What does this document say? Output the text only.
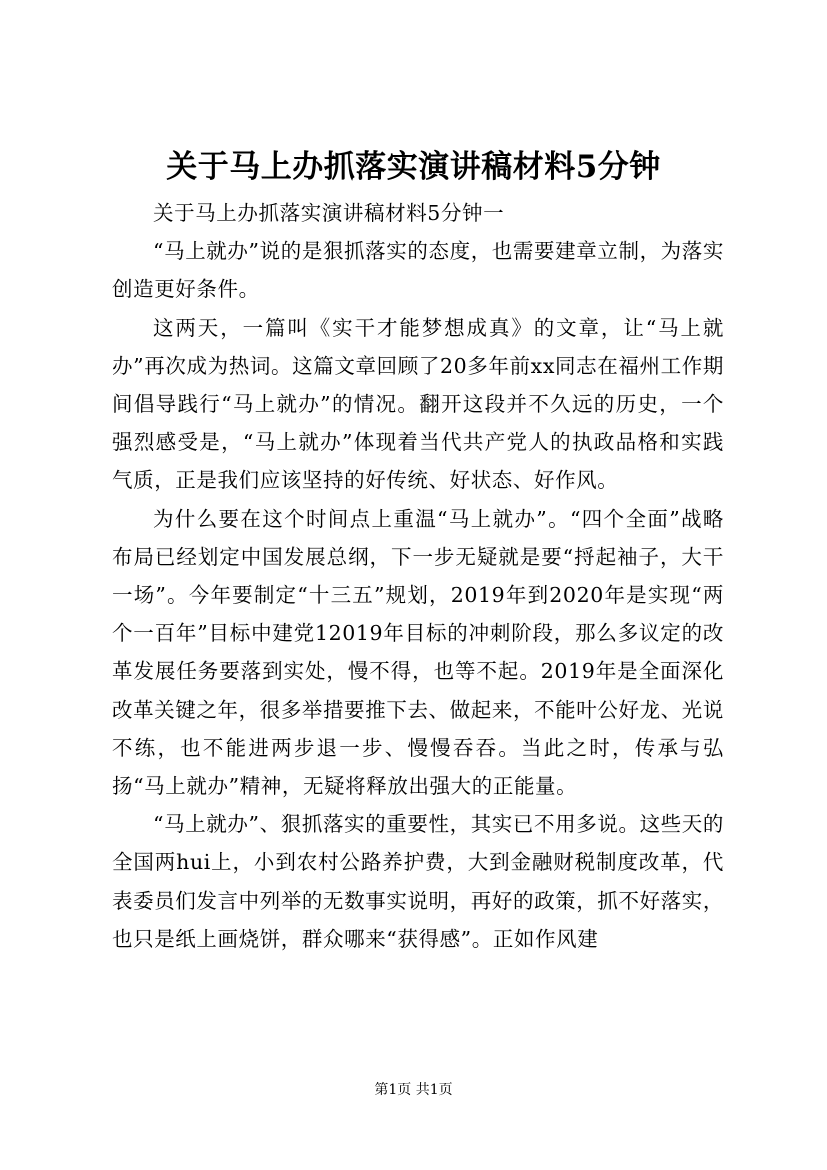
关于马上办抓落实演讲稿材料5分钟

关于马上办抓落实演讲稿材料5分钟一

“马上就办”说的是狠抓落实的态度，也需要建章立制，为落实创造更好条件。

这两天，一篇叫《实干才能梦想成真》的文章，让“马上就办”再次成为热词。这篇文章回顾了20多年前xx同志在福州工作期间倡导践行“马上就办”的情况。翻开这段并不久远的历史，一个强烈感受是，“马上就办”体现着当代共产党人的执政品格和实践气质，正是我们应该坚持的好传统、好状态、好作风。

为什么要在这个时间点上重温“马上就办”。“四个全面”战略布局已经划定中国发展总纲，下一步无疑就是要“捋起袖子，大干一场”。今年要制定“十三五”规划，2019年到2020年是实现“两个一百年”目标中建党12019年目标的冲刺阶段，那么多议定的改革发展任务要落到实处，慢不得，也等不起。2019年是全面深化改革关键之年，很多举措要推下去、做起来，不能叶公好龙、光说不练，也不能进两步退一步、慢慢吞吞。当此之时，传承与弘扬“马上就办”精神，无疑将释放出强大的正能量。

“马上就办”、狠抓落实的重要性，其实已不用多说。这些天的全国两hui上，小到农村公路养护费，大到金融财税制度改革，代表委员们发言中列举的无数事实说明，再好的政策，抓不好落实，也只是纸上画烧饼，群众哪来“获得感”。正如作风建

第1页 共1页
